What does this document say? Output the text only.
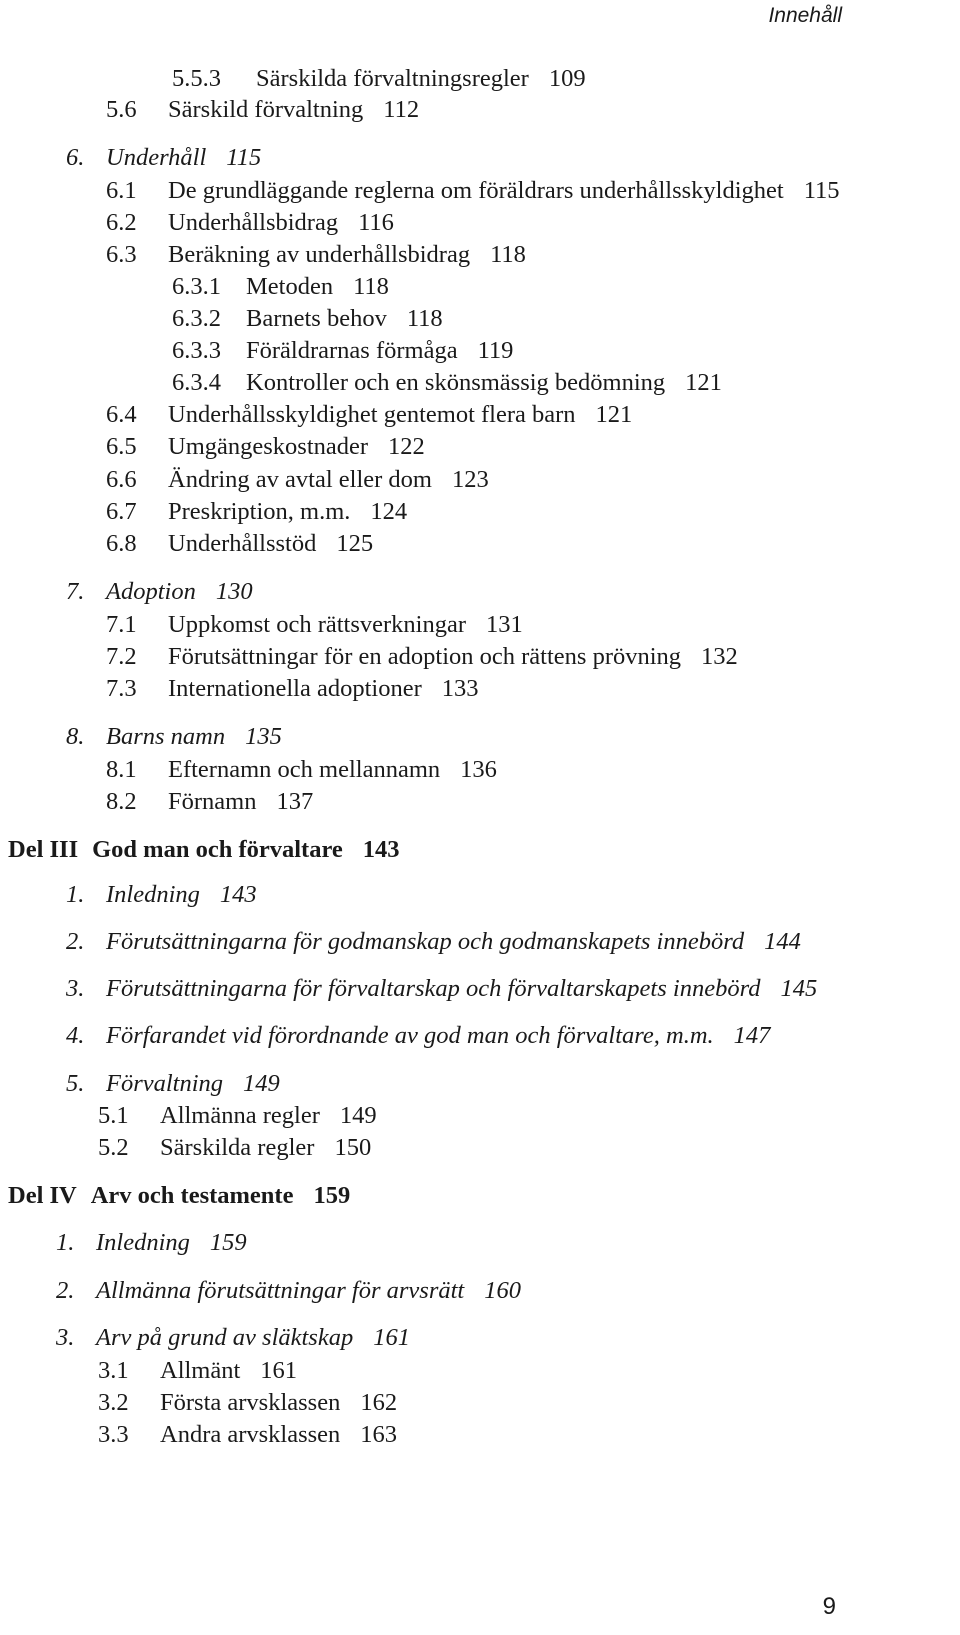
Innehåll
5.5.3 Särskilda förvaltningsregler 109
5.6 Särskild förvaltning 112
6. Underhåll 115
6.1 De grundläggande reglerna om föräldrars underhållsskyldighet 115
6.2 Underhållsbidrag 116
6.3 Beräkning av underhållsbidrag 118
6.3.1 Metoden 118
6.3.2 Barnets behov 118
6.3.3 Föräldrarnas förmåga 119
6.3.4 Kontroller och en skönsmässig bedömning 121
6.4 Underhållsskyldighet gentemot flera barn 121
6.5 Umgängeskostnader 122
6.6 Ändring av avtal eller dom 123
6.7 Preskription, m.m. 124
6.8 Underhållsstöd 125
7. Adoption 130
7.1 Uppkomst och rättsverkningar 131
7.2 Förutsättningar för en adoption och rättens prövning 132
7.3 Internationella adoptioner 133
8. Barns namn 135
8.1 Efternamn och mellannamn 136
8.2 Förnamn 137
Del III God man och förvaltare 143
1. Inledning 143
2. Förutsättningarna för godmanskap och godmanskapets innebörd 144
3. Förutsättningarna för förvaltarskap och förvaltarskapets innebörd 145
4. Förfarandet vid förordnande av god man och förvaltare, m.m. 147
5. Förvaltning 149
5.1 Allmänna regler 149
5.2 Särskilda regler 150
Del IV Arv och testamente 159
1. Inledning 159
2. Allmänna förutsättningar för arvsrätt 160
3. Arv på grund av släktskap 161
3.1 Allmänt 161
3.2 Första arvsklassen 162
3.3 Andra arvsklassen 163
9
